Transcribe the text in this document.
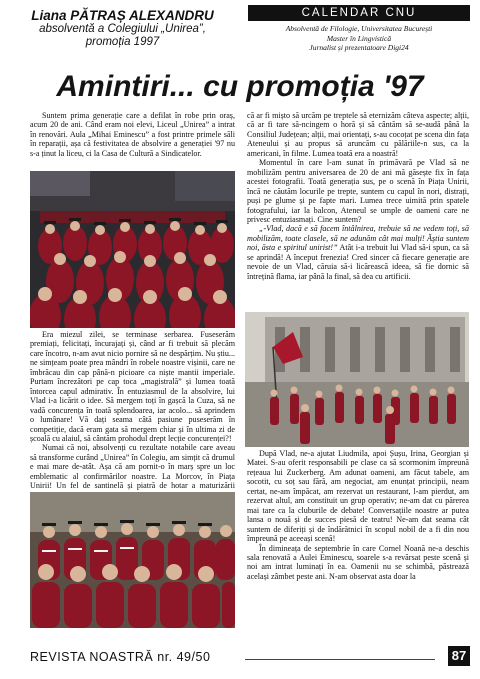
Liana PĂTRAȘ ALEXANDRU
absolventă a Colegiului „Unirea”,
promoția 1997
CALENDAR CNU
Absolventă de Filologie, Universitatea București
Master în Lingvistică
Jurnalist și prezentatoare Digi24
Amintiri... cu promoția '97

Suntem prima generație care a defilat în robe prin oraș, acum 20 de ani. Când eram noi elevi, Liceul „Unirea” a intrat în renovări. Aula „Mihai Eminescu” a fost printre primele săli în reparații, așa că festivitatea de absolvire a generației '97 nu s-a ținut la liceu, ci la Casa de Cultură a Sindicatelor.

Era miezul zilei, se terminase serbarea. Fuseserăm premiați, felicitați, încurajați și, când ar fi trebuit să plecăm care încotro, n-am avut nicio pornire să ne despărțim. Nu știu... ne simțeam poate prea mândri în robele noastre vișinii, care ne îmbrăcau din cap până-n picioare ca niște mantii imperiale. Purtam încrezători pe cap toca „magistrală” și lumea toată întorcea capul admirativ. În entuziasmul de la absolvire, lui Vlad i-a licărit o idee. Să mergem toți în gașcă la Cuza, să ne vadă concurența în toată splendoarea, iar acolo... să aprindem o lumânare! Vă dați seama câtă pasiune puseserăm în competiție, dacă eram gata să mergem chiar și în ultima zi de școală cu alaiul, să cântăm prohodul drept lecție concurenței?!

Numai că noi, absolvenți cu rezultate notabile care aveau să transforme curând „Unirea” în Colegiu, am simțit că drumul e mai mare de-atât. Așa că am pornit-o în marș spre un loc emblematic al confirmărilor noastre. La Morcov, în Piața Unirii! Un fel de santinelă și piatră de hotar a maturizării

că ar fi mișto să urcăm pe treptele să eternizăm câteva aspecte; alții, că ar fi tare să-ncingem o horă și să cântăm să se-audă până la Consiliul Județean; alții, mai orientați, s-au cocoțat pe scena din fața Ateneului și au propus să aruncăm cu pălăriile-n sus, ca la americani, în filme. Lumea toată era a noastră!

Momentul în care l-am sunat în primăvară pe Vlad să ne mobilizăm pentru aniversarea de 20 de ani mă găsește fix în fața acestei fotografii. Toată generația sus, pe o scenă în Piața Unirii, încă ne căutăm locurile pe trepte, suntem cu capul în nori, distrați, puși pe glume și pe fapte mari. Lumea trece uimită prin spatele fotografului, iar la balcon, Ateneul se umple de oameni care ne privesc entuziasmați. Cine suntem?

„-Vlad, dacă e să facem întâlnirea, trebuie să ne vedem toți, să mobilizăm, toate clasele, să ne adunăm cât mai mulți! Ăștia suntem noi, ăsta e spiritul unirist!” Atât i-a trebuit lui Vlad să-i spun, ca să se aprindă! A început frenezia! Cred sincer că fiecare generație are nevoie de un Vlad, căruia să-i licărească ideea, să fie dornic să întrețină flama, iar până la final, să dea cu artificii.

După Vlad, ne-a ajutat Liudmila, apoi Șușu, Irina, Georgian și Matei. S-au oferit responsabili pe clase ca să scormonim împreună rețeaua lui Zuckerberg. Am adunat oameni, am făcut tabele, am socotit, cu soț sau fără, am negociat, am enunțat principii, neam certat, ne-am împăcat, am rezervat un restaurant, l-am pierdut, am rezervat altul, am constituit un grup operativ; ne-am dat cu părerea mai tare ca la cluburile de debate! Conversațiile noastre ar putea lansa o nouă și de succes piesă de teatru! Ne-am dat seama cât suntem de diferiți și de îndărătnici în scopul nobil de a fi din nou împreună pe aceeași scenă!

În dimineața de septembrie în care Cornel Noană ne-a deschis sala renovată a Aulei Eminescu, soarele s-a revărsat peste scenă și noi am intrat luminați în ea. Oamenii nu se schimbă, păstrează același zâmbet peste ani. N-am observat asta doar la

REVISTA NOASTRĂ nr. 49/50	87
